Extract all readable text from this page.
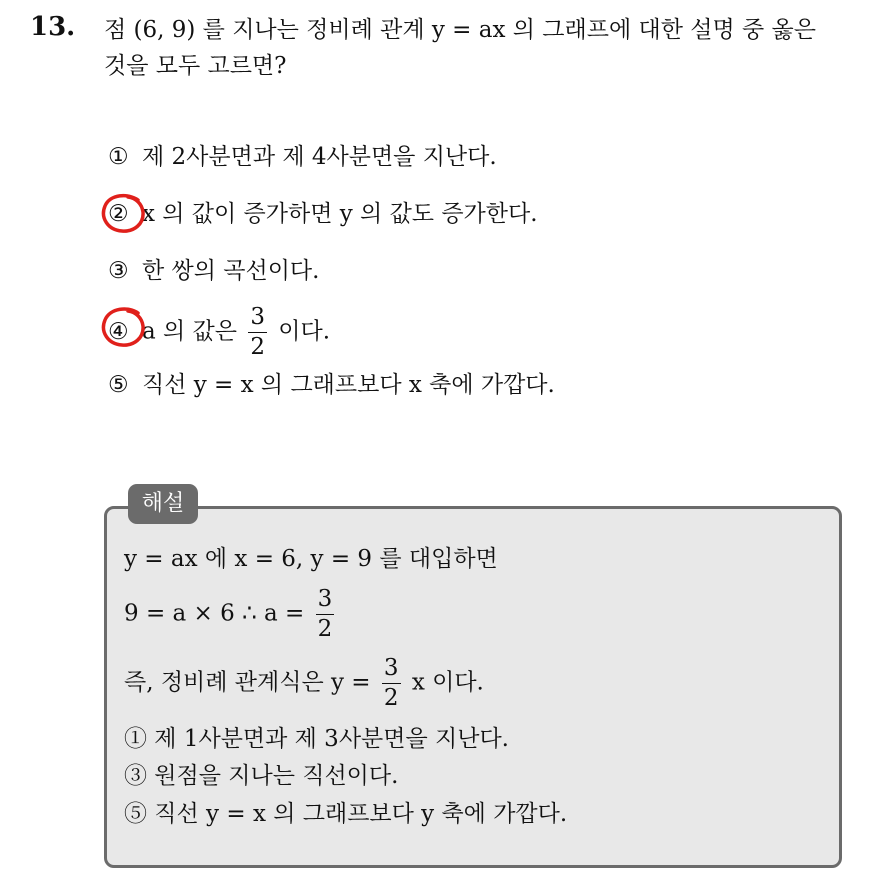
13. 점 (6, 9) 를 지나는 정비례 관계 y = ax 의 그래프에 대한 설명 중 옳은
것을 모두 고르면?
① 제 2사분면과 제 4사분면을 지난다.
② x 의 값이 증가하면 y 의 값도 증가한다.
③ 한 쌍의 곡선이다.
④ a 의 값은 $\frac{3}{2}$ 이다.
⑤ 직선 y = x 의 그래프보다 x 축에 가깝다.
해설
y = ax 에 x = 6, y = 9 를 대입하면
9 = a × 6 ∴ $a = \frac{3}{2}$
즉, 정비례 관계식은 $y = \frac{3}{2}$ x 이다.
① 제 1사분면과 제 3사분면을 지난다.
③ 원점을 지나는 직선이다.
⑤ 직선 y = x 의 그래프보다 y 축에 가깝다.
